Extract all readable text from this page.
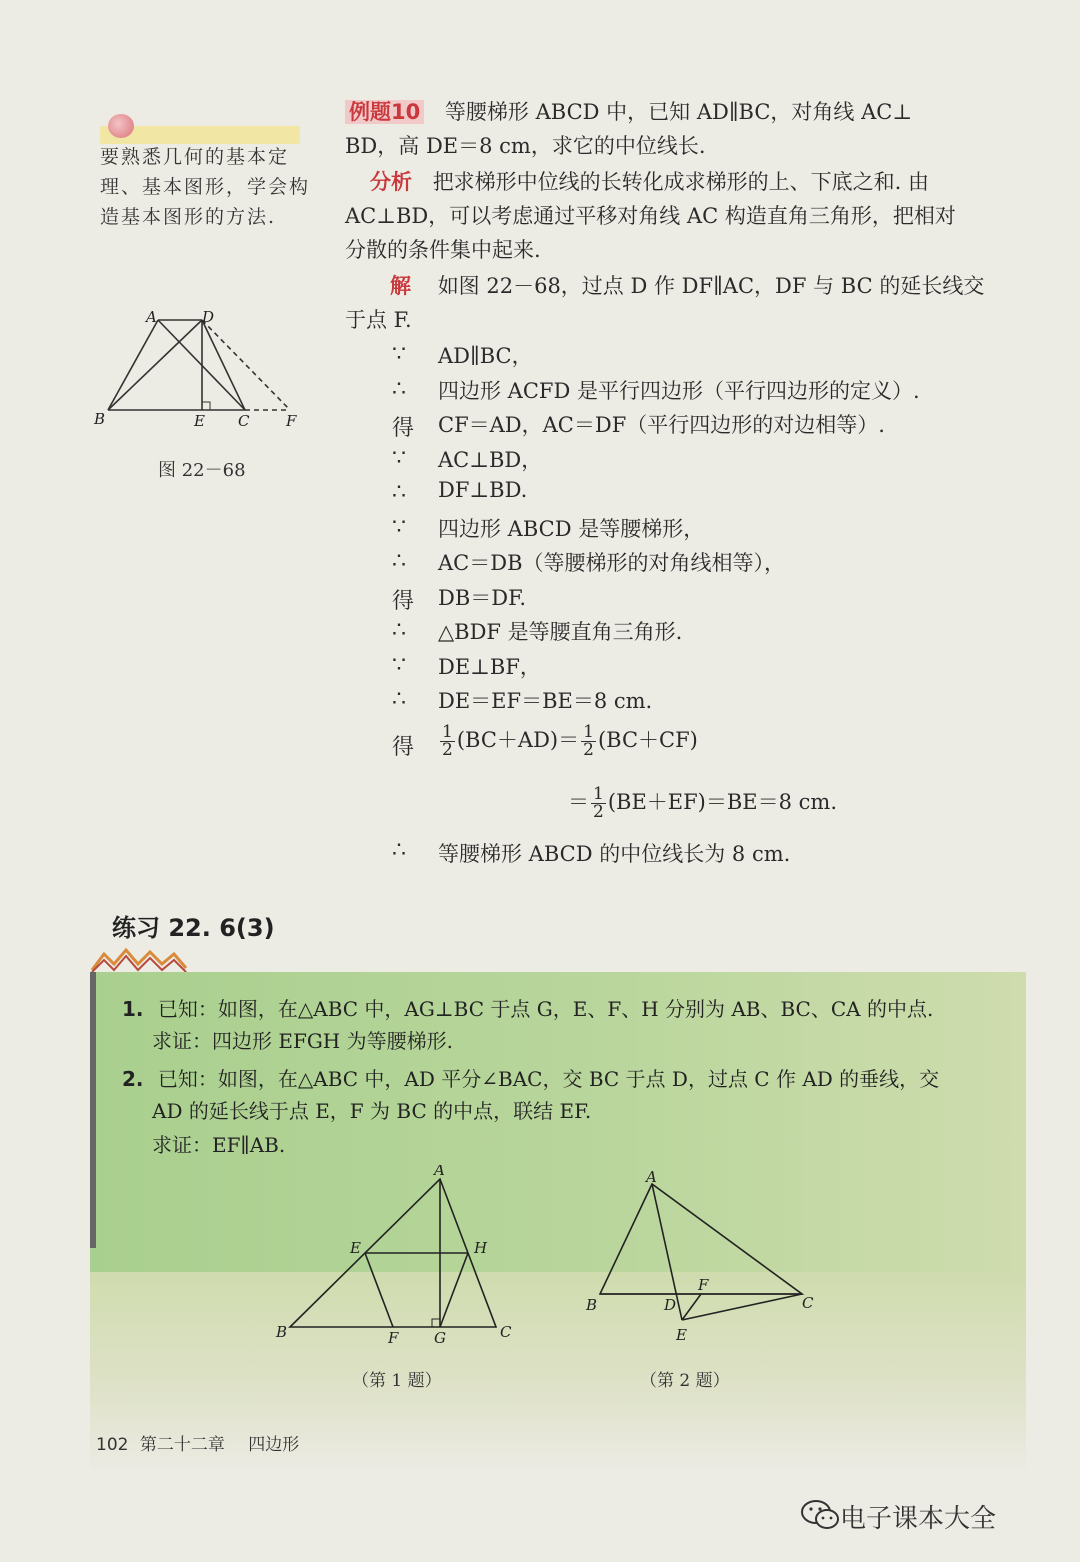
要熟悉几何的基本定
理、基本图形，学会构
造基本图形的方法.
A	D
B	E C F
图 22－68
例题10 等腰梯形 ABCD 中，已知 AD∥BC，对角线 AC⊥
BD，高 DE＝8 cm，求它的中位线长.
分析 把求梯形中位线的长转化成求梯形的上、下底之和. 由
AC⊥BD，可以考虑通过平移对角线 AC 构造直角三角形，把相对
分散的条件集中起来.
解 如图 22－68，过点 D 作 DF∥AC，DF 与 BC 的延长线交
于点 F.
∵ AD∥BC，
∴ 四边形 ACFD 是平行四边形（平行四边形的定义）.
得 CF＝AD，AC＝DF（平行四边形的对边相等）.
∵ AC⊥BD，
∴ DF⊥BD.
∵ 四边形 ABCD 是等腰梯形，
∴ AC＝DB（等腰梯形的对角线相等），
得 DB＝DF.
∴ △BDF 是等腰直角三角形.
∵ DE⊥BF，
∴ DE＝EF＝BE＝8 cm.
得 $\frac{1}{2} (BC+AD)= \frac{1}{2} (BC+CF)$
＝ $\frac{1}{2} (BE+EF)=BE=8$ cm.
∴ 等腰梯形 ABCD 的中位线长为 8 cm.
练习 22. 6(3)
1. 已知：如图，在△ABC 中，AG⊥BC 于点 G，E、F、H 分别为 AB、BC、CA 的中点.
求证：四边形 EFGH 为等腰梯形.
2. 已知：如图，在△ABC 中，AD 平分∠BAC，交 BC 于点 D，过点 C 作 AD 的垂线，交
AD 的延长线于点 E，F 为 BC 的中点，联结 EF.
求证：EF∥AB.
A
B	C
E
F G
H
（第 1 题）
A
B	C
D
E
F
（第 2 题）
102 第二十二章 四边形
电子课本大全
